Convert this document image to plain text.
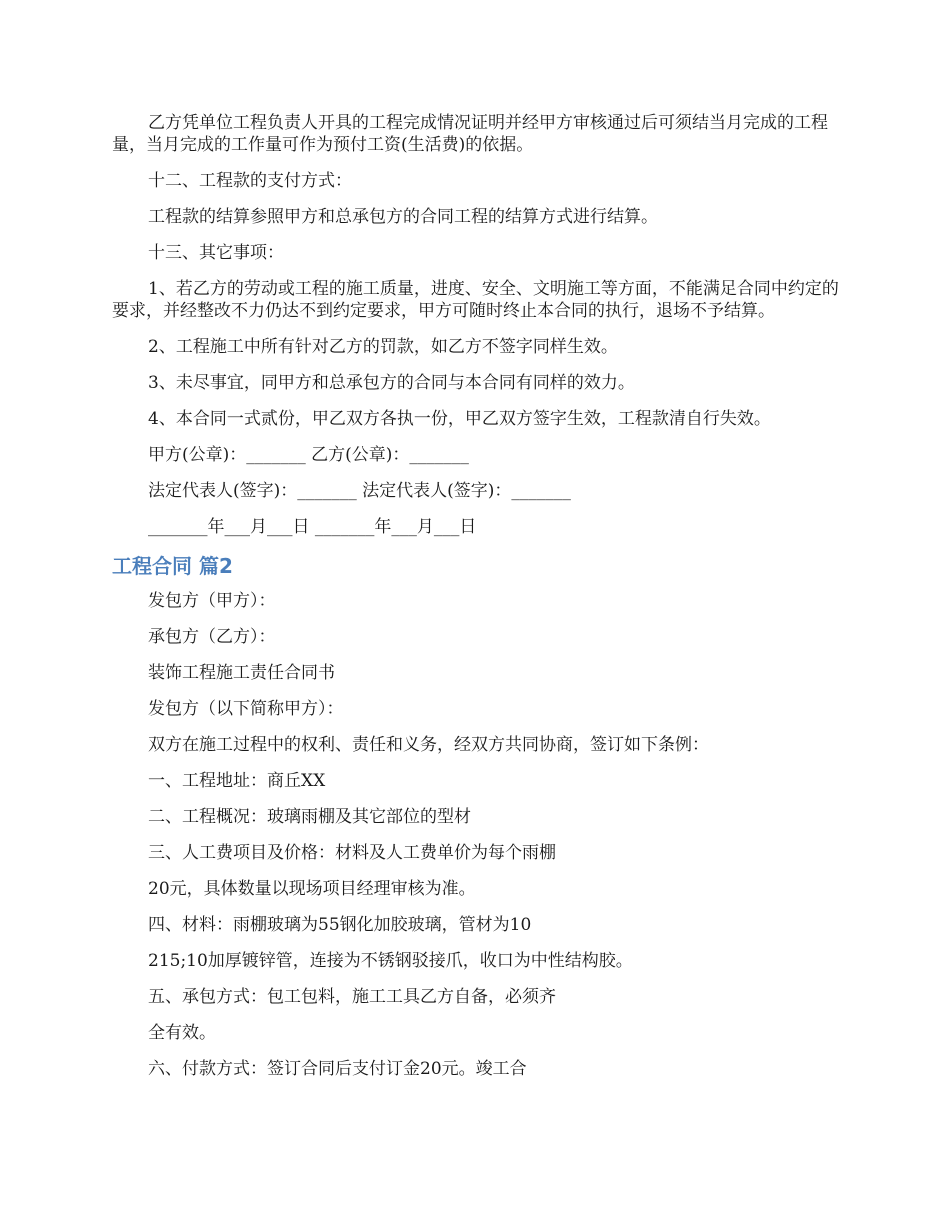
乙方凭单位工程负责人开具的工程完成情况证明并经甲方审核通过后可须结当月完成的工程量，当月完成的工作量可作为预付工资(生活费)的依据。

十二、工程款的支付方式：

工程款的结算参照甲方和总承包方的合同工程的结算方式进行结算。

十三、其它事项：

1、若乙方的劳动或工程的施工质量，进度、安全、文明施工等方面，不能满足合同中约定的要求，并经整改不力仍达不到约定要求，甲方可随时终止本合同的执行，退场不予结算。

2、工程施工中所有针对乙方的罚款，如乙方不签字同样生效。

3、未尽事宜，同甲方和总承包方的合同与本合同有同样的效力。

4、本合同一式贰份，甲乙双方各执一份，甲乙双方签字生效，工程款清自行失效。

甲方(公章)：_______ 乙方(公章)：_______

法定代表人(签字)：_______ 法定代表人(签字)：_______

_______年___月___日 _______年___月___日

工程合同 篇2

发包方（甲方）：

承包方（乙方）：

装饰工程施工责任合同书

发包方（以下简称甲方）：

双方在施工过程中的权利、责任和义务，经双方共同协商，签订如下条例：

一、工程地址：商丘XX

二、工程概况：玻璃雨棚及其它部位的型材

三、人工费项目及价格：材料及人工费单价为每个雨棚

20元，具体数量以现场项目经理审核为准。

四、材料：雨棚玻璃为55钢化加胶玻璃，管材为10

215;10加厚镀锌管，连接为不锈钢驳接爪，收口为中性结构胶。

五、承包方式：包工包料，施工工具乙方自备，必须齐

全有效。

六、付款方式：签订合同后支付订金20元。竣工合
